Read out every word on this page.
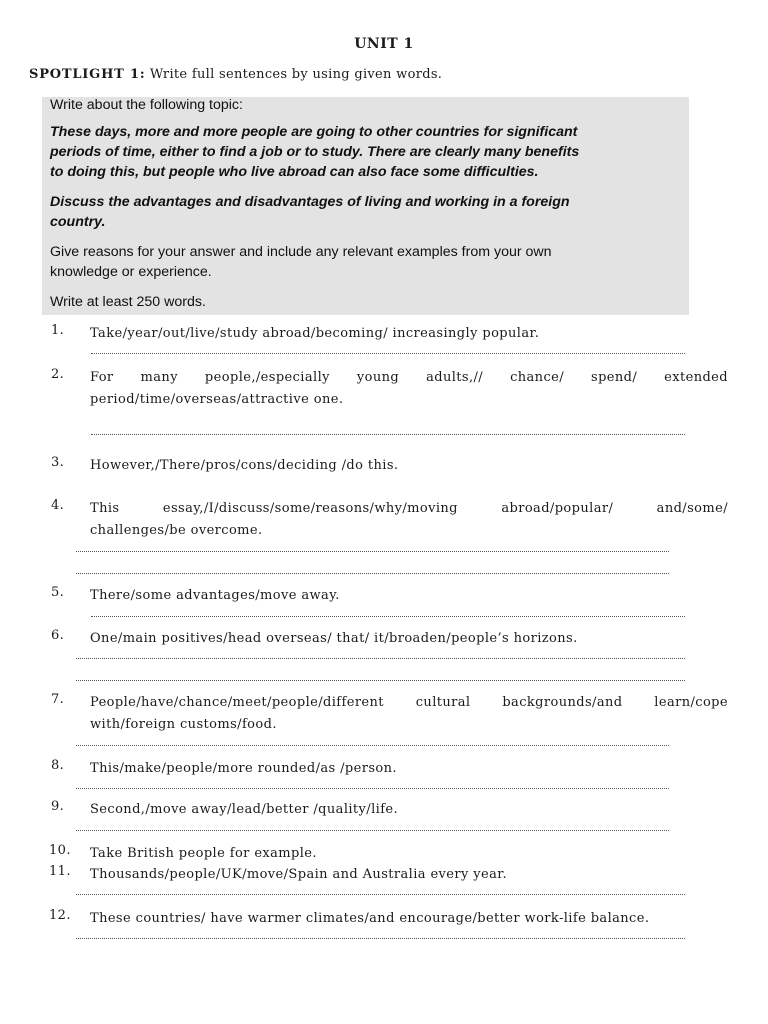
UNIT 1
SPOTLIGHT 1: Write full sentences by using given words.

Write about the following topic:

These days, more and more people are going to other countries for significant

periods of time, either to find a job or to study. There are clearly many benefits

to doing this, but people who live abroad can also face some difficulties.

Discuss the advantages and disadvantages of living and working in a foreign

country.

Give reasons for your answer and include any relevant examples from your own

knowledge or experience.

Write at least 250 words.

1. Take/year/out/live/study abroad/becoming/ increasingly popular.
2. For many people,/especially young adults,// chance/ spend/ extended
period/time/overseas/attractive one.
3. However,/There/pros/cons/deciding /do this.
4. This essay,/I/discuss/some/reasons/why/moving abroad/popular/ and/some/
challenges/be overcome.
5. There/some advantages/move away.
6. One/main positives/head overseas/ that/ it/broaden/people’s horizons.
7. People/have/chance/meet/people/different cultural backgrounds/and learn/cope
with/foreign customs/food.
8. This/make/people/more rounded/as /person.
9. Second,/move away/lead/better /quality/life.
10. Take British people for example.
11. Thousands/people/UK/move/Spain and Australia every year.
12. These countries/ have warmer climates/and encourage/better work-life balance.
